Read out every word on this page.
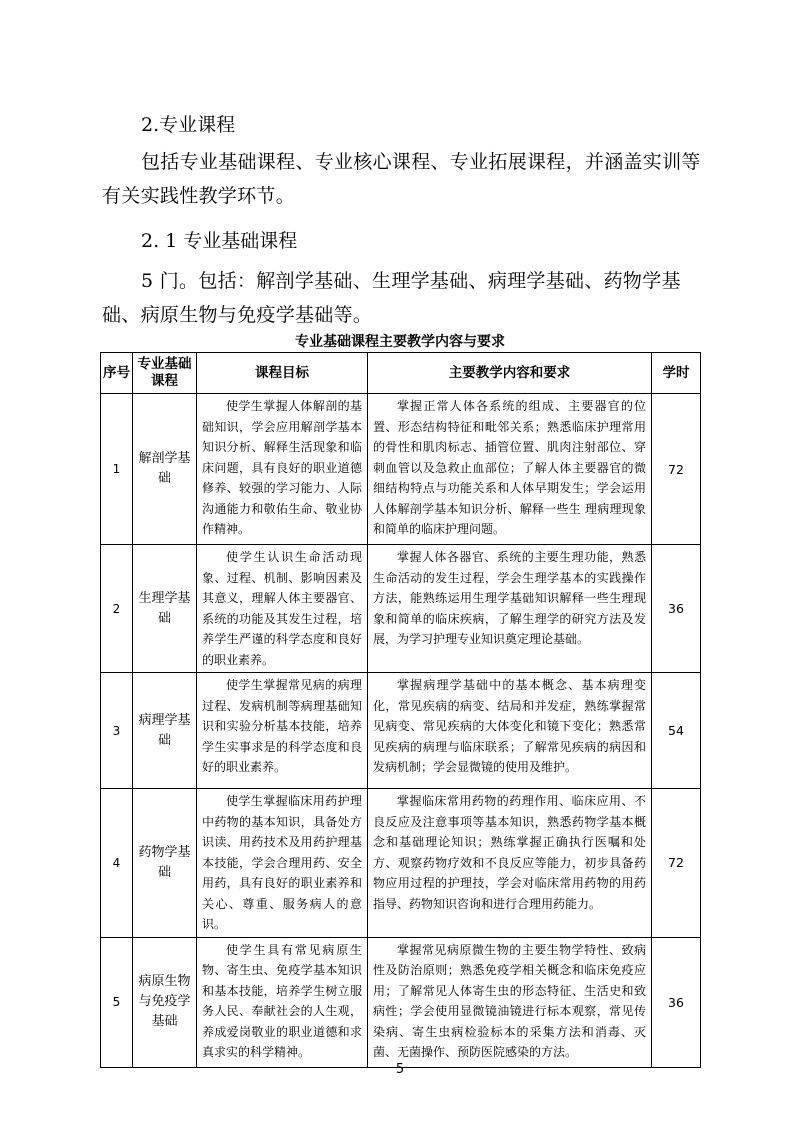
2.专业课程
包括专业基础课程、专业核心课程、专业拓展课程，并涵盖实训等有关实践性教学环节。
2. 1 专业基础课程
5 门。包括：解剖学基础、生理学基础、病理学基础、药物学基础、病原生物与免疫学基础等。
专业基础课程主要教学内容与要求
序号	专业基础课程	课程目标	主要教学内容和要求	学时
1	解剖学基础	使学生掌握人体解剖的基础知识，学会应用解剖学基本知识分析、解释生活现象和临床问题，具有良好的职业道德修养、较强的学习能力、人际沟通能力和敬佑生命、敬业协作精神。	掌握正常人体各系统的组成、主要器官的位置、形态结构特征和毗邻关系；熟悉临床护理常用的骨性和肌肉标志、插管位置、肌肉注射部位、穿刺血管以及急救止血部位；了解人体主要器官的微细结构特点与功能关系和人体早期发生；学会运用人体解剖学基本知识分析、解释一些生 理病理现象和简单的临床护理问题。	72
2	生理学基础	使学生认识生命活动现象、过程、机制、影响因素及其意义，理解人体主要器官、系统的功能及其发生过程，培养学生严谨的科学态度和良好的职业素养。	掌握人体各器官、系统的主要生理功能，熟悉生命活动的发生过程，学会生理学基本的实践操作方法，能熟练运用生理学基础知识解释一些生理现象和简单的临床疾病，了解生理学的研究方法及发展，为学习护理专业知识奠定理论基础。	36
3	病理学基础	使学生掌握常见病的病理过程、发病机制等病理基础知识和实验分析基本技能，培养学生实事求是的科学态度和良好的职业素养。	掌握病理学基础中的基本概念、基本病理变化，常见疾病的病变、结局和并发症，熟练掌握常见病变、常见疾病的大体变化和镜下变化；熟悉常见疾病的病理与临床联系；了解常见疾病的病因和发病机制；学会显微镜的使用及维护。	54
4	药物学基础	使学生掌握临床用药护理中药物的基本知识，具备处方识读、用药技术及用药护理基本技能，学会合理用药、安全用药，具有良好的职业素养和关心、尊重、服务病人的意识。	掌握临床常用药物的药理作用、临床应用、不良反应及注意事项等基本知识，熟悉药物学基本概念和基础理论知识；熟练掌握正确执行医嘱和处方、观察药物疗效和不良反应等能力，初步具备药物应用过程的护理技，学会对临床常用药物的用药指导、药物知识咨询和进行合理用药能力。	72
5	病原生物与免疫学基础	使学生具有常见病原生物、寄生虫、免疫学基本知识和基本技能，培养学生树立服务人民、奉献社会的人生观，养成爱岗敬业的职业道德和求真求实的科学精神。	掌握常见病原微生物的主要生物学特性、致病性及防治原则；熟悉免疫学相关概念和临床免疫应用；了解常见人体寄生虫的形态特征、生活史和致病性；学会使用显微镜油镜进行标本观察，常见传染病、寄生虫病检验标本的采集方法和消毒、灭菌、无菌操作、预防医院感染的方法。	36
5
